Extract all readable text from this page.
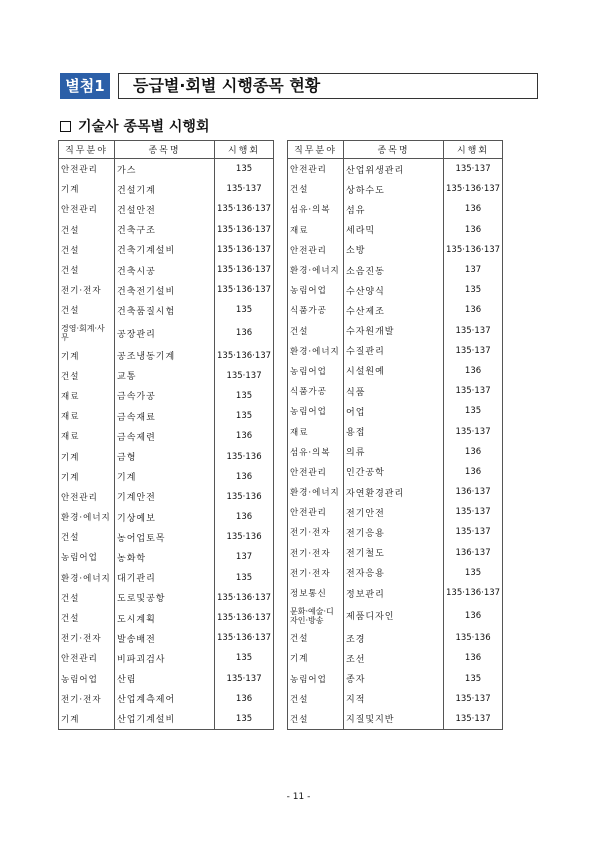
별첨1	등급별·회별 시행종목 현황
기술사 종목별 시행회
직무분야	종목명	시행회
안전관리	가스	135
기계	건설기계	135·137
안전관리	건설안전	135·136·137
건설	건축구조	135·136·137
건설	건축기계설비	135·136·137
건설	건축시공	135·136·137
전기·전자	건축전기설비	135·136·137
건설	건축품질시험	135
경영·회계·사무	공장관리	136
기계	공조냉동기계	135·136·137
건설	교통	135·137
재료	금속가공	135
재료	금속재료	135
재료	금속제련	136
기계	금형	135·136
기계	기계	136
안전관리	기계안전	135·136
환경·에너지	기상예보	136
건설	농어업토목	135·136
농림어업	농화학	137
환경·에너지	대기관리	135
건설	도로및공항	135·136·137
건설	도시계획	135·136·137
전기·전자	발송배전	135·136·137
안전관리	비파괴검사	135
농림어업	산림	135·137
전기·전자	산업계측제어	136
기계	산업기계설비	135
직무분야	종목명	시행회
안전관리	산업위생관리	135·137
건설	상하수도	135·136·137
섬유·의복	섬유	136
재료	세라믹	136
안전관리	소방	135·136·137
환경·에너지	소음진동	137
농림어업	수산양식	135
식품가공	수산제조	136
건설	수자원개발	135·137
환경·에너지	수질관리	135·137
농림어업	시설원예	136
식품가공	식품	135·137
농림어업	어업	135
재료	용접	135·137
섬유·의복	의류	136
안전관리	인간공학	136
환경·에너지	자연환경관리	136·137
안전관리	전기안전	135·137
전기·전자	전기응용	135·137
전기·전자	전기철도	136·137
전기·전자	전자응용	135
정보통신	정보관리	135·136·137
문화·예술·디자인·방송	제품디자인	136
건설	조경	135·136
기계	조선	136
농림어업	종자	135
건설	지적	135·137
건설	지질및지반	135·137
- 11 -
